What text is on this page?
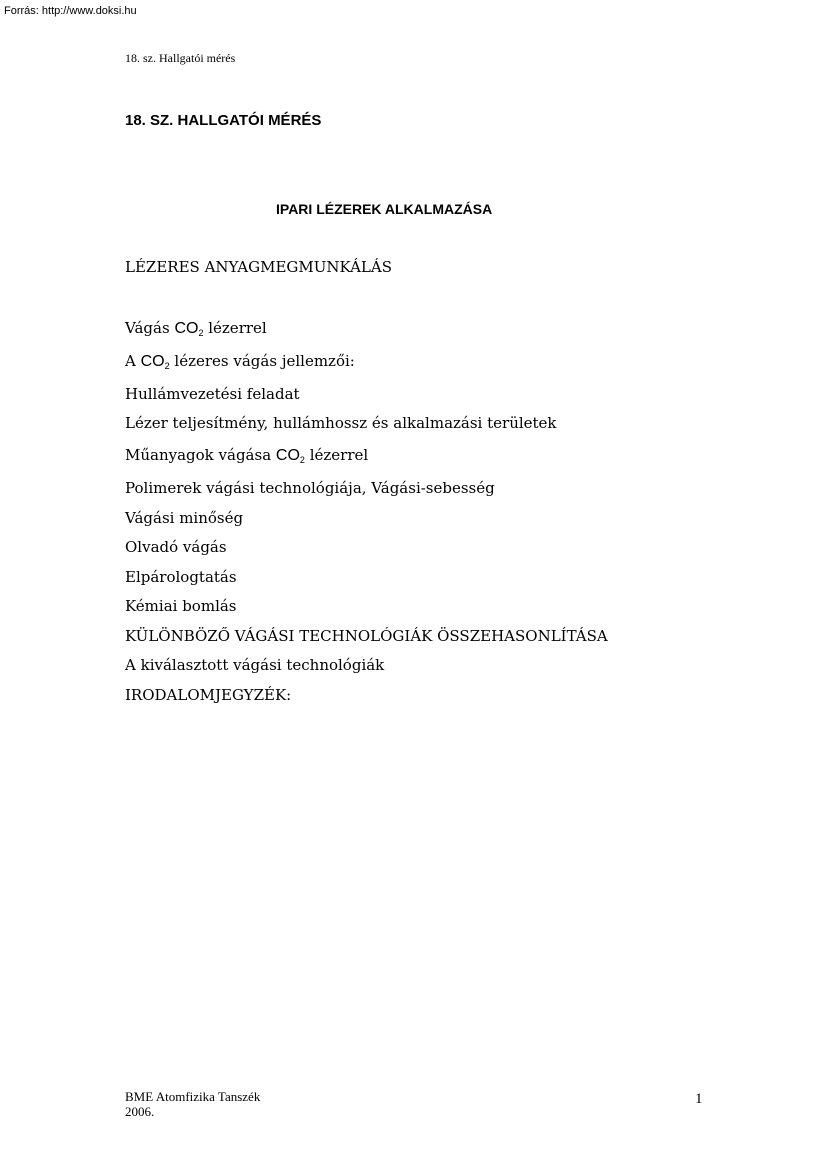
Forrás: http://www.doksi.hu
18. sz. Hallgatói mérés
18. SZ. HALLGATÓI MÉRÉS
IPARI LÉZEREK ALKALMAZÁSA
LÉZERES ANYAGMEGMUNKÁLÁS
Vágás $CO_2$ lézerrel
A $CO_2$ lézeres vágás jellemzői:
Hullámvezetési feladat
Lézer teljesítmény, hullámhossz és alkalmazási területek
Műanyagok vágása $CO_2$ lézerrel
Polimerek vágási technológiája, Vágási-sebesség
Vágási minőség
Olvadó vágás
Elpárologtatás
Kémiai bomlás
KÜLÖNBÖZŐ VÁGÁSI TECHNOLÓGIÁK ÖSSZEHASONLÍTÁSA
A kiválasztott vágási technológiák
IRODALOMJEGYZÉK:
BME Atomfizika Tanszék
2006.
1
